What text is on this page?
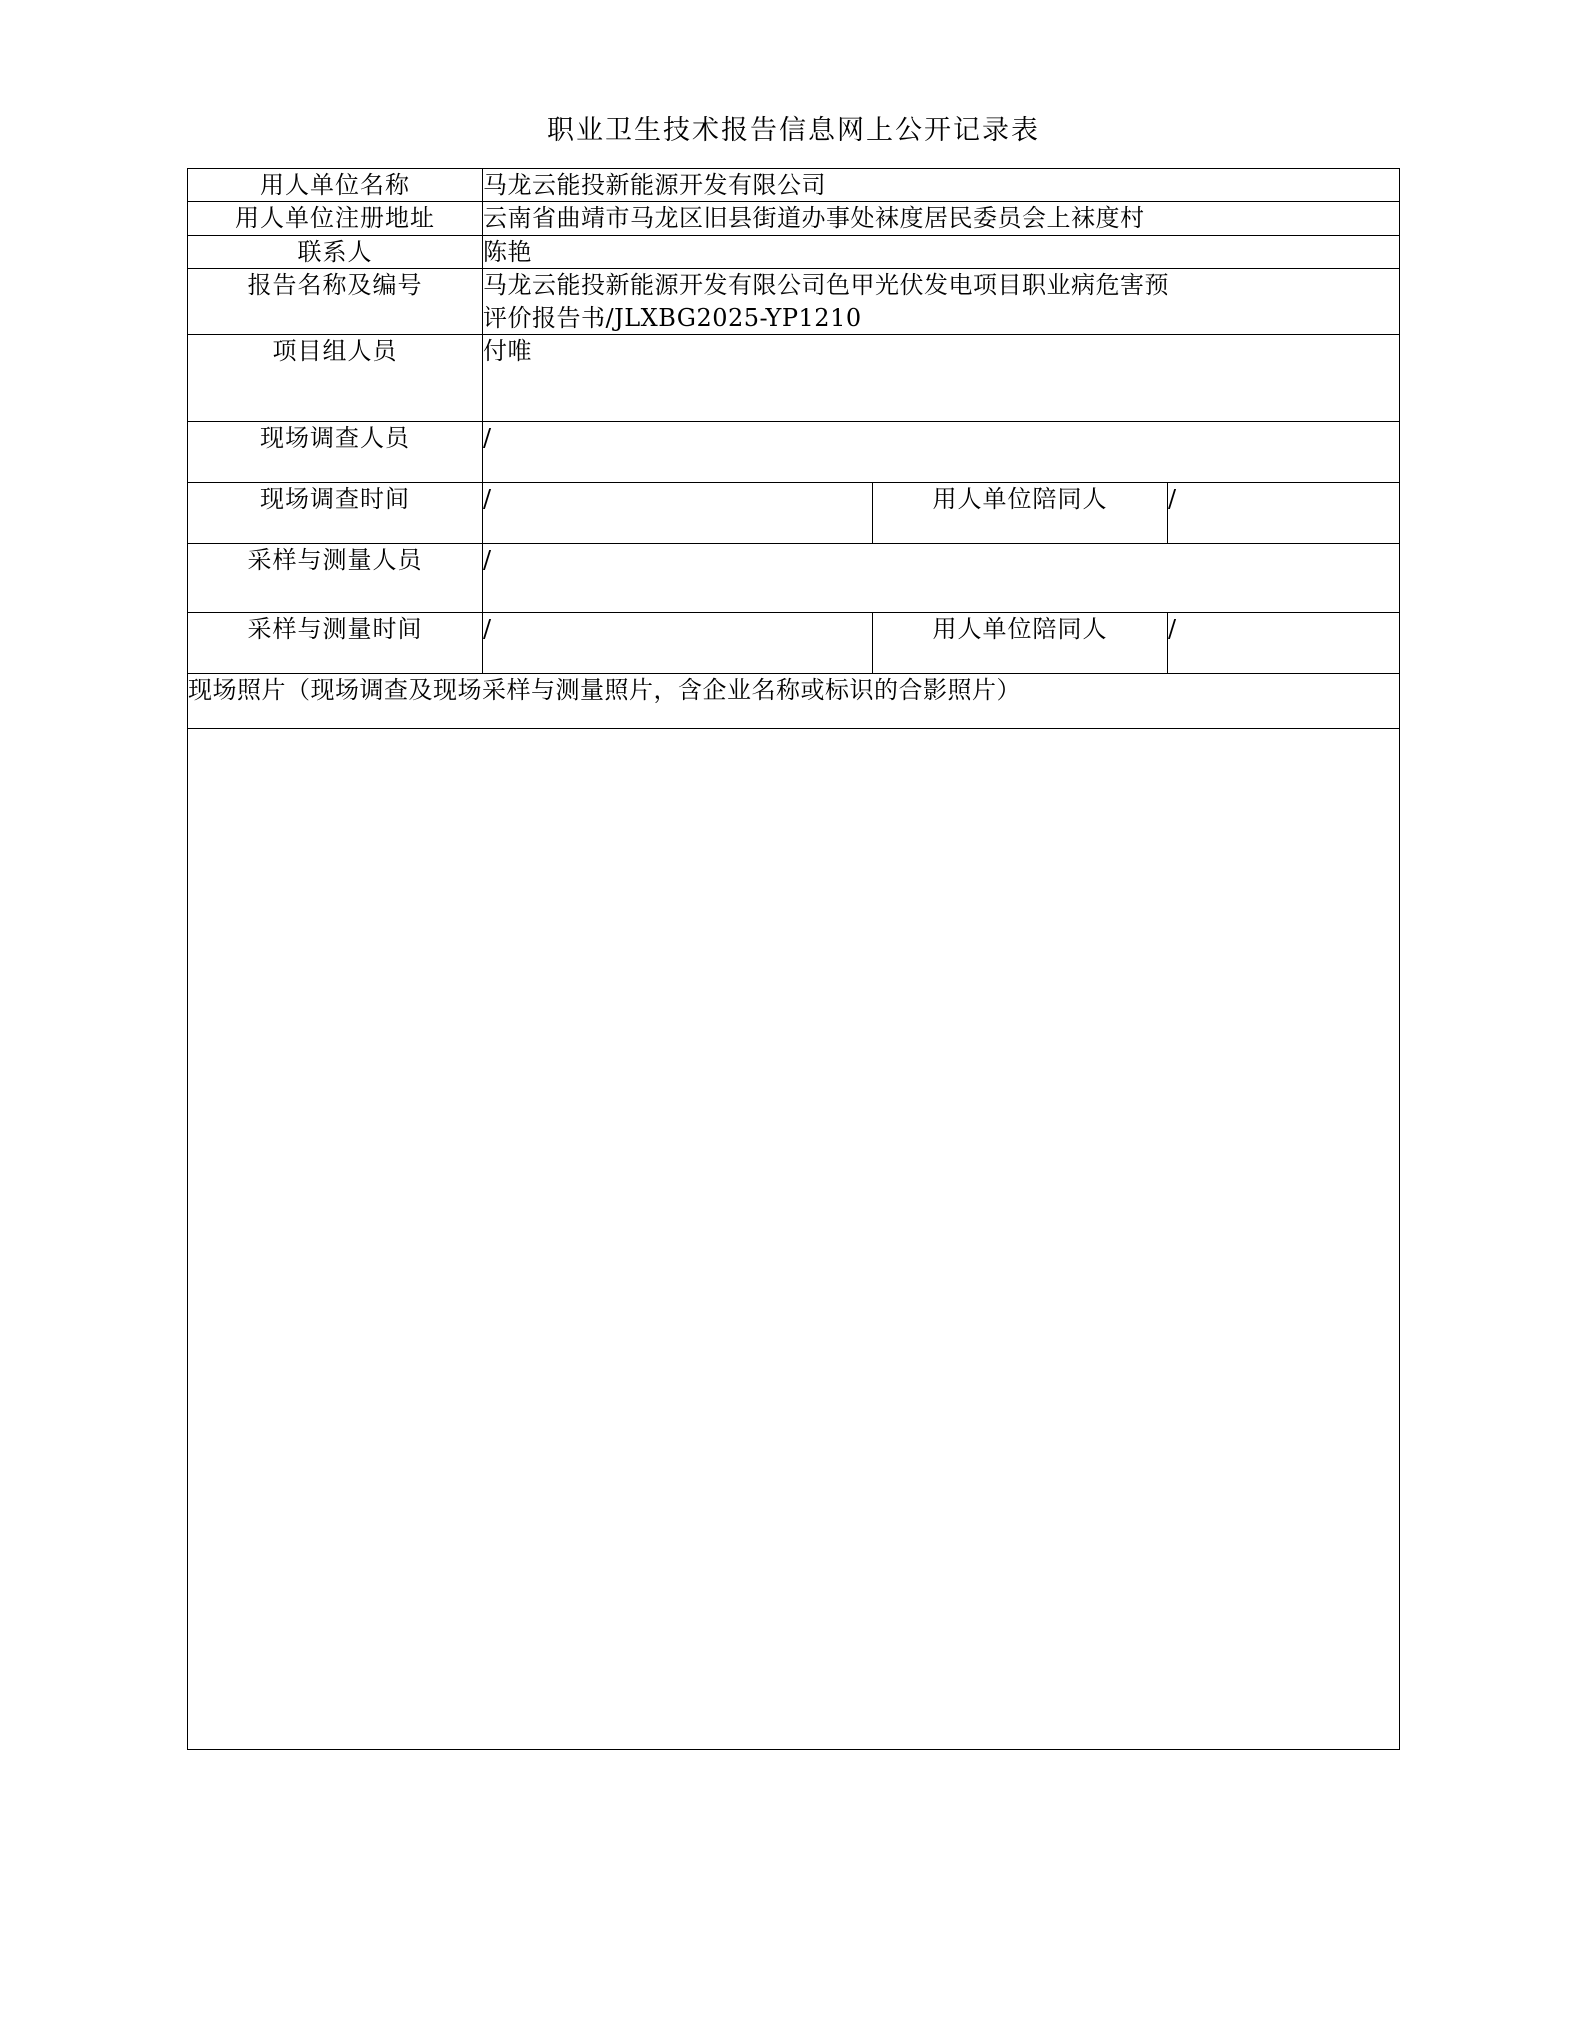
职业卫生技术报告信息网上公开记录表
用人单位名称	马龙云能投新能源开发有限公司		
用人单位注册地址	云南省曲靖市马龙区旧县街道办事处袜度居民委员会上袜度村		
联系人	陈艳		
报告名称及编号	马龙云能投新能源开发有限公司色甲光伏发电项目职业病危害预
评价报告书/JLXBG2025-YP1210		

项目组人员	付唯		
现场调查人员	/		
现场调查时间	/	用人单位陪同人	/
采样与测量人员	/		
采样与测量时间	/	用人单位陪同人	/
现场照片（现场调查及现场采样与测量照片，含企业名称或标识的合影照片）			
